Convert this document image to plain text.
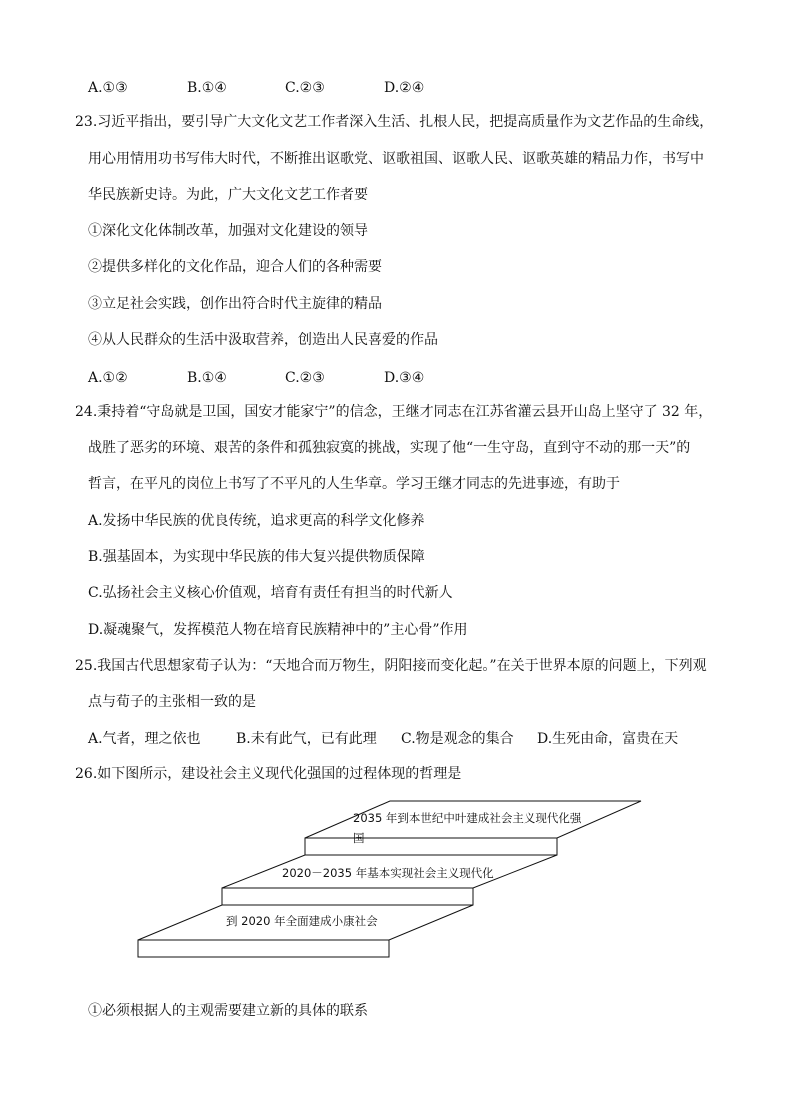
A.①③	B.①④	C.②③	D.②④
23.习近平指出，要引导广大文化文艺工作者深入生活、扎根人民，把提高质量作为文艺作品的生命线，
用心用情用功书写伟大时代，不断推出讴歌党、讴歌祖国、讴歌人民、讴歌英雄的精品力作，书写中
华民族新史诗。为此，广大文化文艺工作者要
①深化文化体制改革，加强对文化建设的领导
②提供多样化的文化作品，迎合人们的各种需要
③立足社会实践，创作出符合时代主旋律的精品
④从人民群众的生活中汲取营养，创造出人民喜爱的作品
A.①②	B.①④	C.②③	D.③④
24.秉持着“守岛就是卫国，国安才能家宁”的信念，王继才同志在江苏省灌云县开山岛上坚守了 32 年，
战胜了恶劣的环境、艰苦的条件和孤独寂寞的挑战，实现了他“一生守岛，直到守不动的那一天”的
哲言，在平凡的岗位上书写了不平凡的人生华章。学习王继才同志的先进事迹，有助于
A.发扬中华民族的优良传统，追求更高的科学文化修养
B.强基固本，为实现中华民族的伟大复兴提供物质保障
C.弘扬社会主义核心价值观，培育有责任有担当的时代新人
D.凝魂聚气，发挥模范人物在培育民族精神中的”主心骨”作用
25.我国古代思想家荀子认为：“天地合而万物生，阴阳接而变化起。”在关于世界本原的问题上，下列观
点与荀子的主张相一致的是
A.气者，理之依也	B.未有此气，已有此理 C.物是观念的集合 D.生死由命，富贵在天
26.如下图所示，建设社会主义现代化强国的过程体现的哲理是
2035 年到本世纪中叶建成社会主义现代化强
国
2020－2035 年基本实现社会主义现代化
到 2020 年全面建成小康社会
①必须根据人的主观需要建立新的具体的联系
